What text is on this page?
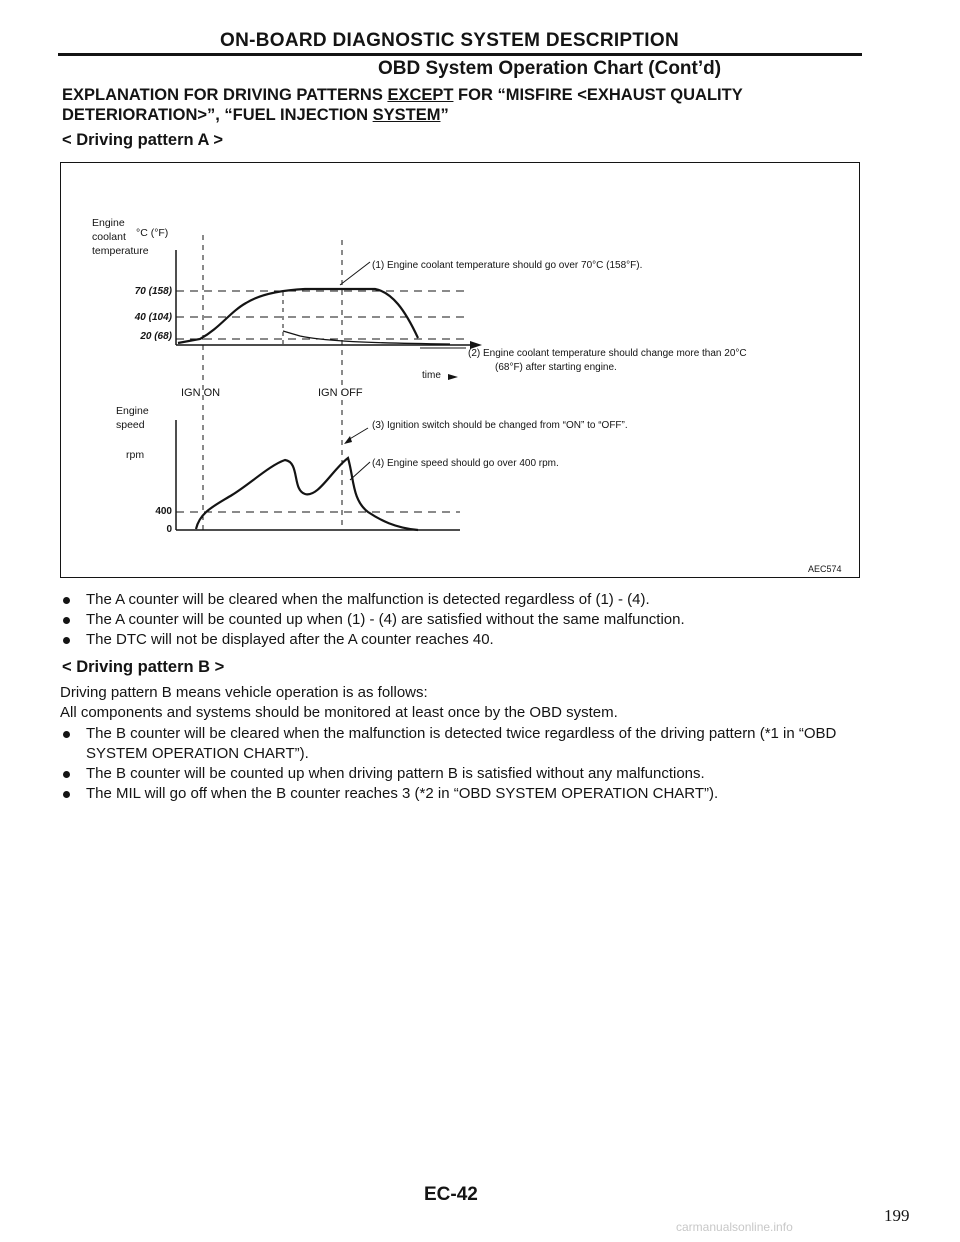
ON-BOARD DIAGNOSTIC SYSTEM DESCRIPTION
OBD System Operation Chart (Cont’d)
EXPLANATION FOR DRIVING PATTERNS EXCEPT FOR “MISFIRE <EXHAUST QUALITY
DETERIORATION>”, “FUEL INJECTION SYSTEM”
< Driving pattern A >
Engine
coolant
temperature
°C (°F)
70 (158)
40 (104)
20 (68)
time
IGN ON	IGN OFF
Engine
speed
rpm
400
0
(1) Engine coolant temperature should go over 70°C (158°F).
(2) Engine coolant temperature should change more than 20°C
(68°F) after starting engine.
(3) Ignition switch should be changed from “ON” to “OFF”.
(4) Engine speed should go over 400 rpm.
AEC574
The A counter will be cleared when the malfunction is detected regardless of (1) - (4).
The A counter will be counted up when (1) - (4) are satisfied without the same malfunction.
The DTC will not be displayed after the A counter reaches 40.
< Driving pattern B >
Driving pattern B means vehicle operation is as follows:
All components and systems should be monitored at least once by the OBD system.
The B counter will be cleared when the malfunction is detected twice regardless of the driving pattern (*1 in “OBD SYSTEM OPERATION CHART”).
The B counter will be counted up when driving pattern B is satisfied without any malfunctions.
The MIL will go off when the B counter reaches 3 (*2 in “OBD SYSTEM OPERATION CHART”).
EC-42
199
carmanualsonline.info
